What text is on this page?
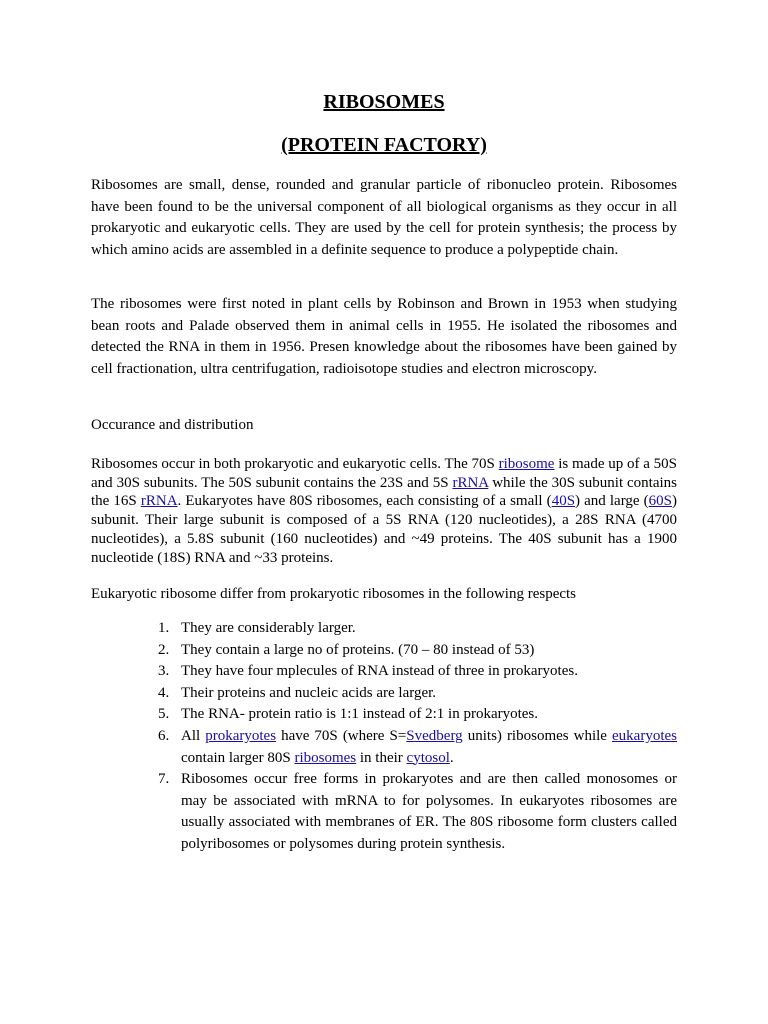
RIBOSOMES
(PROTEIN FACTORY)

Ribosomes are small, dense, rounded and granular particle of ribonucleo protein. Ribosomes have been found to be the universal component of all biological organisms as they occur in all prokaryotic and eukaryotic cells. They are used by the cell for protein synthesis; the process by which amino acids are assembled in a definite sequence to produce a polypeptide chain.

The ribosomes were first noted in plant cells by Robinson and Brown in 1953 when studying bean roots and Palade observed them in animal cells in 1955. He isolated the ribosomes and detected the RNA in them in 1956. Presen knowledge about the ribosomes have been gained by cell fractionation, ultra centrifugation, radioisotope studies and electron microscopy.

Occurance and distribution

Ribosomes occur in both prokaryotic and eukaryotic cells. The 70S ribosome is made up of a 50S and 30S subunits. The 50S subunit contains the 23S and 5S rRNA while the 30S subunit contains the 16S rRNA. Eukaryotes have 80S ribosomes, each consisting of a small (40S) and large (60S) subunit. Their large subunit is composed of a 5S RNA (120 nucleotides), a 28S RNA (4700 nucleotides), a 5.8S subunit (160 nucleotides) and ~49 proteins. The 40S subunit has a 1900 nucleotide (18S) RNA and ~33 proteins.

Eukaryotic ribosome differ from prokaryotic ribosomes in the following respects

1. They are considerably larger.
2. They contain a large no of proteins. (70 – 80 instead of 53)
3. They have four mplecules of RNA instead of three in prokaryotes.
4. Their proteins and nucleic acids are larger.
5. The RNA- protein ratio is 1:1 instead of 2:1 in prokaryotes.
6. All prokaryotes have 70S (where S=Svedberg units) ribosomes while eukaryotes contain larger 80S ribosomes in their cytosol.
7. Ribosomes occur free forms in prokaryotes and are then called monosomes or may be associated with mRNA to for polysomes. In eukaryotes ribosomes are usually associated with membranes of ER. The 80S ribosome form clusters called polyribosomes or polysomes during protein synthesis.
